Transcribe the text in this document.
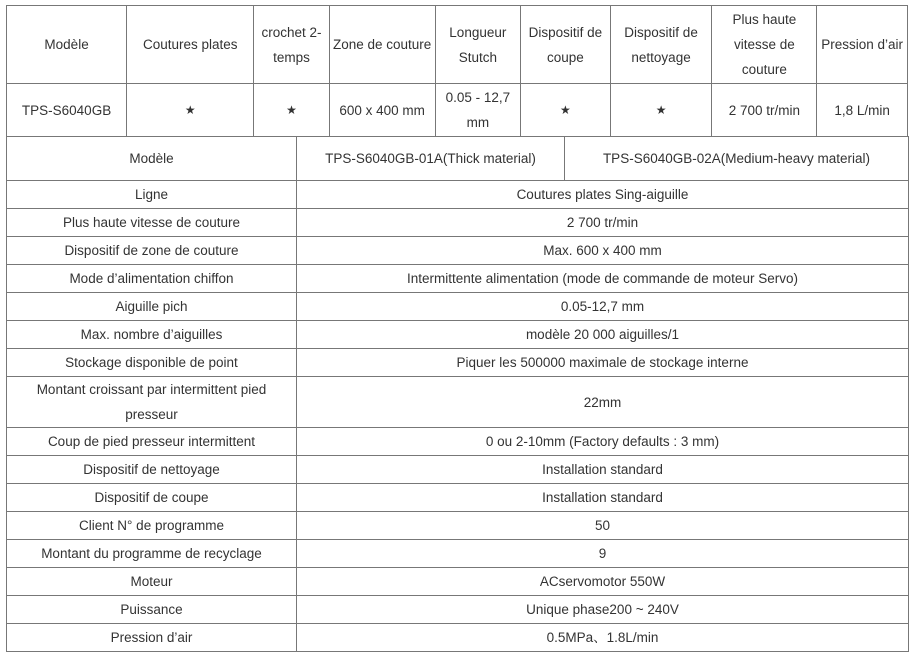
Modèle	Coutures plates	crochet 2-temps	Zone de couture	Longueur Stutch	Dispositif de coupe	Dispositif de nettoyage	Plus haute vitesse de couture	Pression d’air
TPS-S6040GB	★	★	600 x 400 mm	0.05 - 12,7 mm	★	★	2 700 tr/min	1,8 L/min
Modèle	TPS-S6040GB-01A(Thick material)	TPS-S6040GB-02A(Medium-heavy material)
Ligne	Coutures plates Sing-aiguille	
Plus haute vitesse de couture	2 700 tr/min	
Dispositif de zone de couture	Max. 600 x 400 mm	
Mode d’alimentation chiffon	Intermittente alimentation (mode de commande de moteur Servo)	
Aiguille pich	0.05-12,7 mm	
Max. nombre d’aiguilles	modèle 20 000 aiguilles/1	
Stockage disponible de point	Piquer les 500000 maximale de stockage interne	
Montant croissant par intermittent pied presseur	22mm	
Coup de pied presseur intermittent	0 ou 2-10mm (Factory defaults : 3 mm)	
Dispositif de nettoyage	Installation standard	
Dispositif de coupe	Installation standard	
Client N° de programme	50	
Montant du programme de recyclage	9	
Moteur	ACservomotor 550W	
Puissance	Unique phase200 ~ 240V	
Pression d’air	0.5MPa、1.8L/min	
